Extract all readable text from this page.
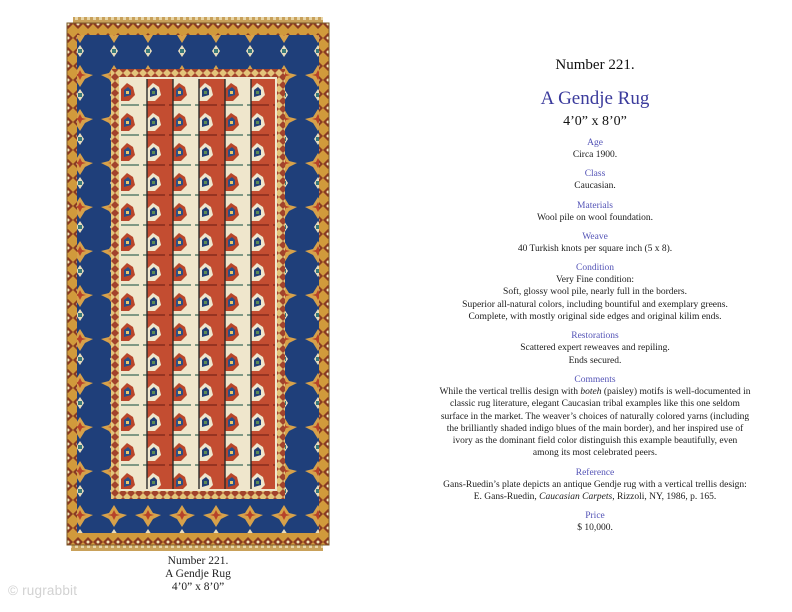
Number 221.
A Gendje Rug
4’0” x 8’0”
© rugrabbit
Number 221.
A Gendje Rug
4’0” x 8’0”
Age
Circa 1900.
Class
Caucasian.
Materials
Wool pile on wool foundation.
Weave
40 Turkish knots per square inch (5 x 8).
Condition
Very Fine condition:
Soft, glossy wool pile, nearly full in the borders.
Superior all-natural colors, including bountiful and exemplary greens.
Complete, with mostly original side edges and original kilim ends.
Restorations
Scattered expert reweaves and repiling.
Ends secured.
Comments
While the vertical trellis design with boteh (paisley) motifs is well-documented in
classic rug literature, elegant Caucasian tribal examples like this one seldom
surface in the market. The weaver’s choices of naturally colored yarns (including
the brilliantly shaded indigo blues of the main border), and her inspired use of
ivory as the dominant field color distinguish this example beautifully, even
among its most celebrated peers.
Reference
Gans-Ruedin’s plate depicts an antique Gendje rug with a vertical trellis design:
E. Gans-Ruedin, Caucasian Carpets, Rizzoli, NY, 1986, p. 165.
Price
$ 10,000.
